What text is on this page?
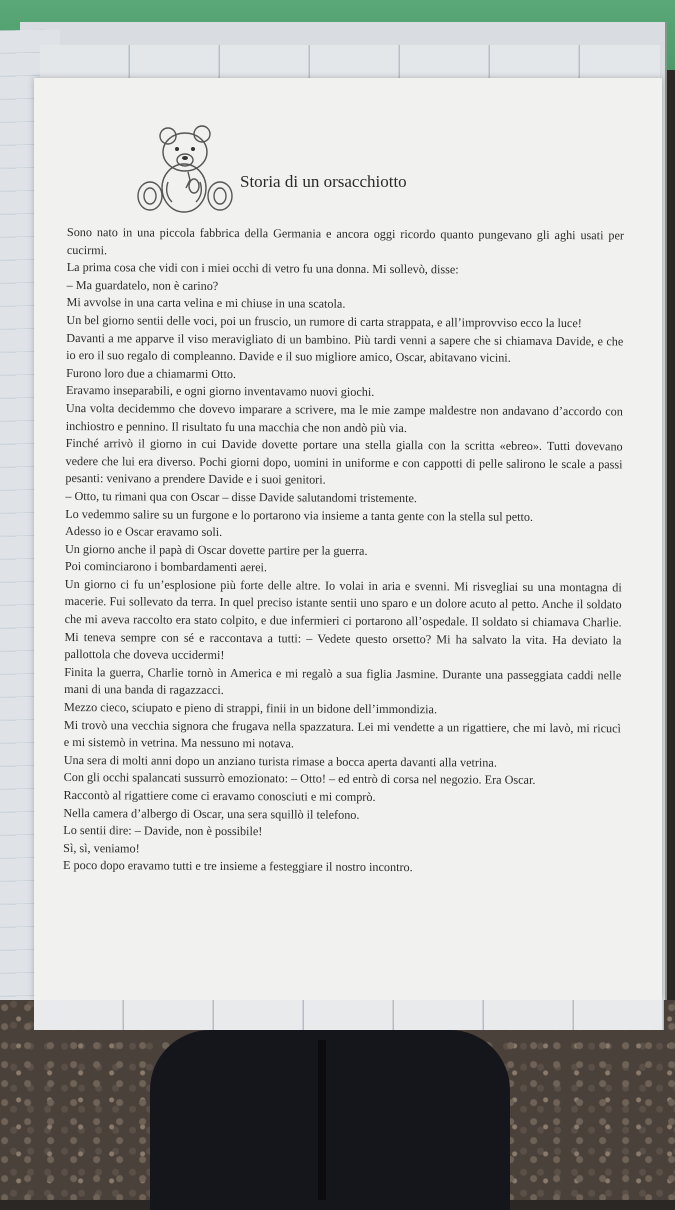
Storia di un orsacchiotto

Sono nato in una piccola fabbrica della Germania e ancora oggi ricordo quanto pungevano gli aghi usati per cucirmi.

La prima cosa che vidi con i miei occhi di vetro fu una donna. Mi sollevò, disse:

– Ma guardatelo, non è carino?

Mi avvolse in una carta velina e mi chiuse in una scatola.

Un bel giorno sentii delle voci, poi un fruscio, un rumore di carta strappata, e all’improvviso ecco la luce!

Davanti a me apparve il viso meravigliato di un bambino. Più tardi venni a sapere che si chiamava Davide, e che io ero il suo regalo di compleanno. Davide e il suo migliore amico, Oscar, abitavano vicini.

Furono loro due a chiamarmi Otto.

Eravamo inseparabili, e ogni giorno inventavamo nuovi giochi.

Una volta decidemmo che dovevo imparare a scrivere, ma le mie zampe maldestre non andavano d’accordo con inchiostro e pennino. Il risultato fu una macchia che non andò più via.

Finché arrivò il giorno in cui Davide dovette portare una stella gialla con la scritta «ebreo». Tutti dovevano vedere che lui era diverso. Pochi giorni dopo, uomini in uniforme e con cappotti di pelle salirono le scale a passi pesanti: venivano a prendere Davide e i suoi genitori.

– Otto, tu rimani qua con Oscar – disse Davide salutandomi tristemente.

Lo vedemmo salire su un furgone e lo portarono via insieme a tanta gente con la stella sul petto.

Adesso io e Oscar eravamo soli.

Un giorno anche il papà di Oscar dovette partire per la guerra.

Poi cominciarono i bombardamenti aerei.

Un giorno ci fu un’esplosione più forte delle altre. Io volai in aria e svenni. Mi risvegliai su una montagna di macerie. Fui sollevato da terra. In quel preciso istante sentii uno sparo e un dolore acuto al petto. Anche il soldato che mi aveva raccolto era stato colpito, e due infermieri ci portarono all’ospedale. Il soldato si chiamava Charlie. Mi teneva sempre con sé e raccontava a tutti: – Vedete questo orsetto? Mi ha salvato la vita. Ha deviato la pallottola che doveva uccidermi!

Finita la guerra, Charlie tornò in America e mi regalò a sua figlia Jasmine. Durante una passeggiata caddi nelle mani di una banda di ragazzacci.

Mezzo cieco, sciupato e pieno di strappi, finii in un bidone dell’immondizia.

Mi trovò una vecchia signora che frugava nella spazzatura. Lei mi vendette a un rigattiere, che mi lavò, mi ricucì e mi sistemò in vetrina. Ma nessuno mi notava.

Una sera di molti anni dopo un anziano turista rimase a bocca aperta davanti alla vetrina.

Con gli occhi spalancati sussurrò emozionato: – Otto! – ed entrò di corsa nel negozio. Era Oscar.

Raccontò al rigattiere come ci eravamo conosciuti e mi comprò.

Nella camera d’albergo di Oscar, una sera squillò il telefono.

Lo sentii dire: – Davide, non è possibile!

Sì, sì, veniamo!

E poco dopo eravamo tutti e tre insieme a festeggiare il nostro incontro.
